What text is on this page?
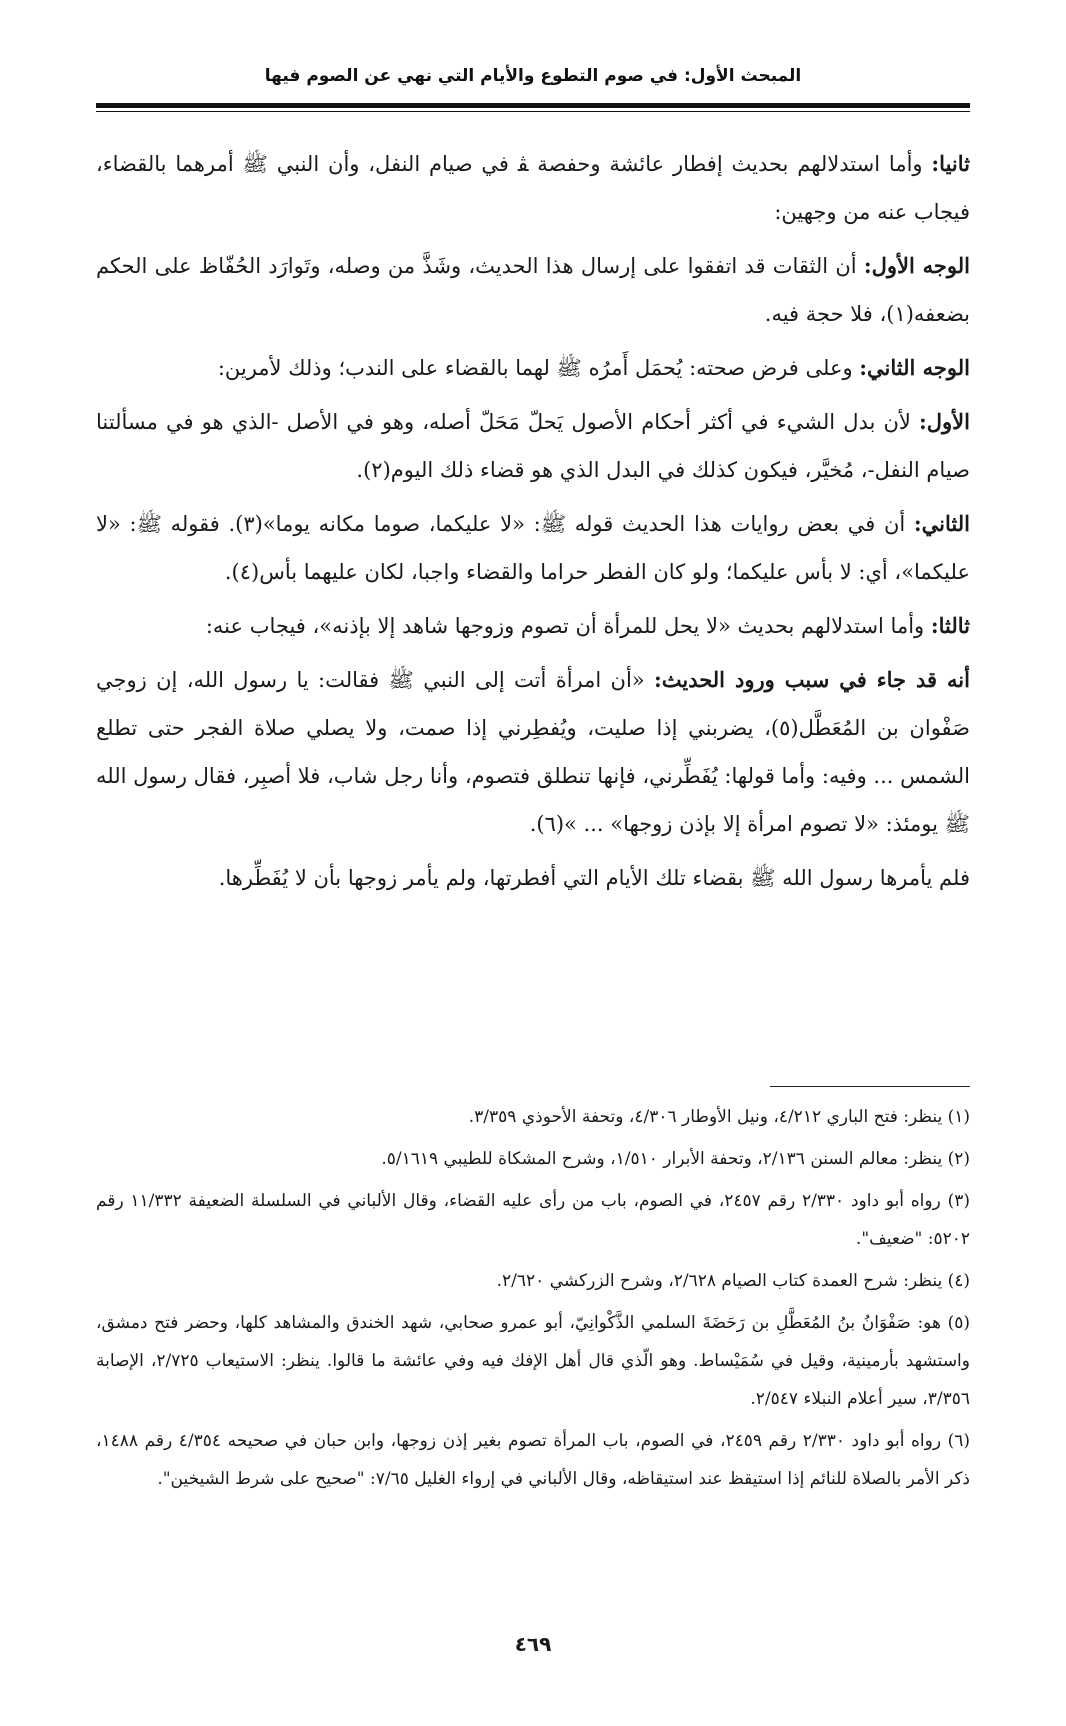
المبحث الأول: في صوم التطوع والأيام التي نهي عن الصوم فيها

ثانيا: وأما استدلالهم بحديث إفطار عائشة وحفصة ﭭ في صيام النفل، وأن النبي ﷺ أمرهما بالقضاء، فيجاب عنه من وجهين:

الوجه الأول: أن الثقات قد اتفقوا على إرسال هذا الحديث، وشَذَّ من وصله، وتَوارَد الحُفّاظ على الحكم بضعفه(١)، فلا حجة فيه.

الوجه الثاني: وعلى فرض صحته: يُحمَل أَمرُه ﷺ لهما بالقضاء على الندب؛ وذلك لأمرين:

الأول: لأن بدل الشيء في أكثر أحكام الأصول يَحلّ مَحَلّ أصله، وهو في الأصل -الذي هو في مسألتنا صيام النفل-، مُخيَّر، فيكون كذلك في البدل الذي هو قضاء ذلك اليوم(٢).

الثاني: أن في بعض روايات هذا الحديث قوله ﷺ: «لا عليكما، صوما مكانه يوما»(٣). فقوله ﷺ: «لا عليكما»، أي: لا بأس عليكما؛ ولو كان الفطر حراما والقضاء واجبا، لكان عليهما بأس(٤).

ثالثا: وأما استدلالهم بحديث «لا يحل للمرأة أن تصوم وزوجها شاهد إلا بإذنه»، فيجاب عنه:

أنه قد جاء في سبب ورود الحديث: «أن امرأة أتت إلى النبي ﷺ فقالت: يا رسول الله، إن زوجي صَفْوان بن المُعَطَّل(٥)، يضربني إذا صليت، ويُفطِرني إذا صمت، ولا يصلي صلاة الفجر حتى تطلع الشمس ... وفيه: وأما قولها: يُفَطِّرني، فإنها تنطلق فتصوم، وأنا رجل شاب، فلا أصبِر، فقال رسول الله ﷺ يومئذ: «لا تصوم امرأة إلا بإذن زوجها» ... »(٦).

فلم يأمرها رسول الله ﷺ بقضاء تلك الأيام التي أفطرتها، ولم يأمر زوجها بأن لا يُفَطِّرها.

(١) ينظر: فتح الباري ٤/٢١٢، ونيل الأوطار ٤/٣٠٦، وتحفة الأحوذي ٣/٣٥٩.

(٢) ينظر: معالم السنن ٢/١٣٦، وتحفة الأبرار ١/٥١٠، وشرح المشكاة للطيبي ٥/١٦١٩.

(٣) رواه أبو داود ٢/٣٣٠ رقم ٢٤٥٧، في الصوم، باب من رأى عليه القضاء، وقال الألباني في السلسلة الضعيفة ١١/٣٣٢ رقم ٥٢٠٢: "ضعيف".

(٤) ينظر: شرح العمدة كتاب الصيام ٢/٦٢٨، وشرح الزركشي ٢/٦٢٠.

(٥) هو: صَفْوَانُ بنُ المُعَطَّلِ بن رَحَضَةَ السلمي الذَّكْوانِيّ، أبو عمرو صحابي، شهد الخندق والمشاهد كلها، وحضر فتح دمشق، واستشهد بأرمينية، وقيل في سُمَيْساط. وهو الّذي قال أهل الإفك فيه وفي عائشة ما قالوا. ينظر: الاستيعاب ٢/٧٢٥، الإصابة ٣/٣٥٦، سير أعلام النبلاء ٢/٥٤٧.

(٦) رواه أبو داود ٢/٣٣٠ رقم ٢٤٥٩، في الصوم، باب المرأة تصوم بغير إذن زوجها، وابن حبان في صحيحه ٤/٣٥٤ رقم ١٤٨٨، ذكر الأمر بالصلاة للنائم إذا استيقظ عند استيقاظه، وقال الألباني في إرواء الغليل ٧/٦٥: "صحيح على شرط الشيخين".

٤٦٩
